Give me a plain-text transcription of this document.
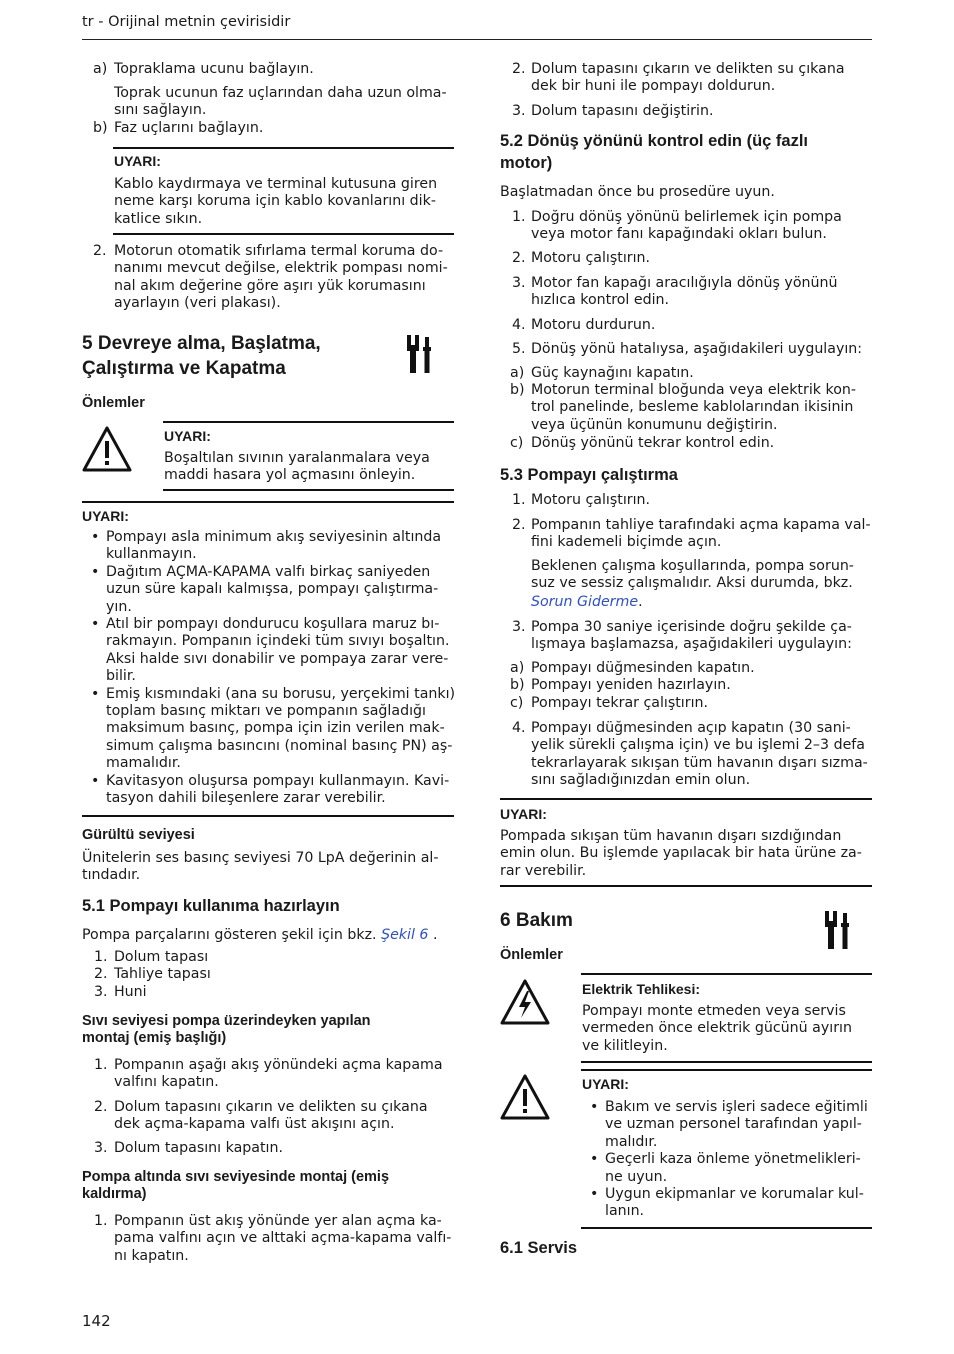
tr - Orijinal metnin çevirisidir
a) Topraklama ucunu bağlayın.
Toprak ucunun faz uçlarından daha uzun olma-
sını sağlayın.
b) Faz uçlarını bağlayın.
UYARI:
Kablo kaydırmaya ve terminal kutusuna giren
neme karşı koruma için kablo kovanlarını dik-
katlice sıkın.
2. Motorun otomatik sıfırlama termal koruma do-
nanımı mevcut değilse, elektrik pompası nomi-
nal akım değerine göre aşırı yük korumasını
ayarlayın (veri plakası).
5 Devreye alma, Başlatma,
Çalıştırma ve Kapatma
Önlemler
UYARI:
Boşaltılan sıvının yaralanmalara veya
maddi hasara yol açmasını önleyin.
UYARI:
• Pompayı asla minimum akış seviyesinin altında
kullanmayın.
• Dağıtım AÇMA-KAPAMA valfı birkaç saniyeden
uzun süre kapalı kalmışsa, pompayı çalıştırma-
yın.
• Atıl bir pompayı dondurucu koşullara maruz bı-
rakmayın. Pompanın içindeki tüm sıvıyı boşaltın.
Aksi halde sıvı donabilir ve pompaya zarar vere-
bilir.
• Emiş kısmındaki (ana su borusu, yerçekimi tankı)
toplam basınç miktarı ve pompanın sağladığı
maksimum basınç, pompa için izin verilen mak-
simum çalışma basıncını (nominal basınç PN) aş-
mamalıdır.
• Kavitasyon oluşursa pompayı kullanmayın. Kavi-
tasyon dahili bileşenlere zarar verebilir.
Gürültü seviyesi
Ünitelerin ses basınç seviyesi 70 LpA değerinin al-
tındadır.
5.1 Pompayı kullanıma hazırlayın
Pompa parçalarını gösteren şekil için bkz. Şekil 6 .
1. Dolum tapası
2. Tahliye tapası
3. Huni
Sıvı seviyesi pompa üzerindeyken yapılan
montaj (emiş başlığı)
1. Pompanın aşağı akış yönündeki açma kapama
valfını kapatın.
2. Dolum tapasını çıkarın ve delikten su çıkana
dek açma-kapama valfı üst akışını açın.
3. Dolum tapasını kapatın.
Pompa altında sıvı seviyesinde montaj (emiş
kaldırma)
1. Pompanın üst akış yönünde yer alan açma ka-
pama valfını açın ve alttaki açma-kapama valfı-
nı kapatın.
2. Dolum tapasını çıkarın ve delikten su çıkana
dek bir huni ile pompayı doldurun.
3. Dolum tapasını değiştirin.
5.2 Dönüş yönünü kontrol edin (üç fazlı
motor)
Başlatmadan önce bu prosedüre uyun.
1. Doğru dönüş yönünü belirlemek için pompa
veya motor fanı kapağındaki okları bulun.
2. Motoru çalıştırın.
3. Motor fan kapağı aracılığıyla dönüş yönünü
hızlıca kontrol edin.
4. Motoru durdurun.
5. Dönüş yönü hatalıysa, aşağıdakileri uygulayın:
a) Güç kaynağını kapatın.
b) Motorun terminal bloğunda veya elektrik kon-
trol panelinde, besleme kablolarından ikisinin
veya üçünün konumunu değiştirin.
c) Dönüş yönünü tekrar kontrol edin.
5.3 Pompayı çalıştırma
1. Motoru çalıştırın.
2. Pompanın tahliye tarafındaki açma kapama val-
fini kademeli biçimde açın.
Beklenen çalışma koşullarında, pompa sorun-
suz ve sessiz çalışmalıdır. Aksi durumda, bkz.
Sorun Giderme.
3. Pompa 30 saniye içerisinde doğru şekilde ça-
lışmaya başlamazsa, aşağıdakileri uygulayın:
a) Pompayı düğmesinden kapatın.
b) Pompayı yeniden hazırlayın.
c) Pompayı tekrar çalıştırın.
4. Pompayı düğmesinden açıp kapatın (30 sani-
yelik sürekli çalışma için) ve bu işlemi 2–3 defa
tekrarlayarak sıkışan tüm havanın dışarı sızma-
sını sağladığınızdan emin olun.
UYARI:
Pompada sıkışan tüm havanın dışarı sızdığından
emin olun. Bu işlemde yapılacak bir hata ürüne za-
rar verebilir.
6 Bakım
Önlemler
Elektrik Tehlikesi:
Pompayı monte etmeden veya servis
vermeden önce elektrik gücünü ayırın
ve kilitleyin.
UYARI:
• Bakım ve servis işleri sadece eğitimli
ve uzman personel tarafından yapıl-
malıdır.
• Geçerli kaza önleme yönetmelikleri-
ne uyun.
• Uygun ekipmanlar ve korumalar kul-
lanın.
6.1 Servis
142
